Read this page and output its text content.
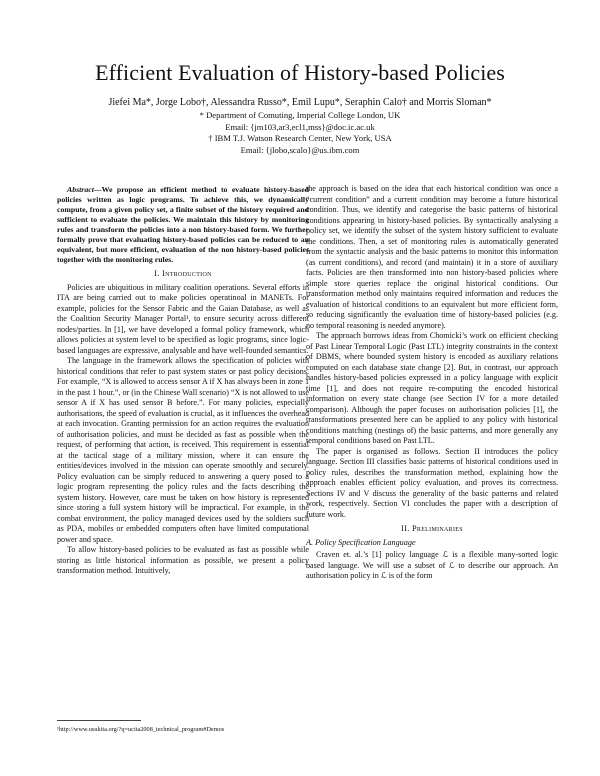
Efficient Evaluation of History-based Policies
Jiefei Ma*, Jorge Lobo†, Alessandra Russo*, Emil Lupu*, Seraphin Calo† and Morris Sloman*
* Department of Comuting, Imperial College London, UK
Email: {jm103,ar3,ecl1,mss}@doc.ic.ac.uk
† IBM T.J. Watson Research Center, New York, USA
Email: {jlobo,scalo}@us.ibm.com

Abstract—We propose an efficient method to evaluate history-based policies written as logic programs. To achieve this, we dynamically compute, from a given policy set, a finite subset of the history required and sufficient to evaluate the policies. We maintain this history by monitoring rules and transform the policies into a non history-based form. We further formally prove that evaluating history-based policies can be reduced to an equivalent, but more efficient, evaluation of the non history-based policies together with the monitoring rules.

I. Introduction

Policies are ubiquitious in military coalition operations. Several efforts in ITA are being carried out to make policies operatinoal in MANETs. For example, policies for the Sensor Fabric and the Gaian Database, as well as the Coalition Security Manager Portal¹, to ensure security across different nodes/parties. In [1], we have developed a formal policy framework, which allows policies at system level to be specified as logic programs, since logic-based languages are expressive, analysable and have well-founded semantics.

The language in the framework allows the specification of policies with historical conditions that refer to past system states or past policy decisions. For example, “X is allowed to access sensor A if X has always been in zone 1 in the past 1 hour.”, or (in the Chinese Wall scenario) “X is not allowed to use sensor A if X has used sensor B before.”. For many policies, especially authorisations, the speed of evaluation is crucial, as it influences the overhead at each invocation. Granting permission for an action requires the evaluation of authorisation policies, and must be decided as fast as possible when the request, of performing that action, is received. This requirement is essential at the tactical stage of a military mission, where it can ensure the entities/devices involved in the mission can operate smoothly and securely. Policy evaluation can be simply reduced to answering a query posed to a logic program representing the policy rules and the facts describing the system history. However, care must be taken on how history is represented since storing a full system history will be impractical. For example, in the combat environment, the policy managed devices used by the soldiers such as PDA, mobiles or embedded computers often have limited computational power and space.

To allow history-based policies to be evaluated as fast as possible while storing as little historical information as possible, we present a policy transformation method. Intuitively,

¹http://www.usukita.org/?q=ucita2008_technical_program#Demos

the approach is based on the idea that each historical condition was once a “current condition” and a current condition may become a future historical condition. Thus, we identify and categorise the basic patterns of historical conditions appearing in history-based policies. By syntactically analysing a policy set, we identify the subset of the system history sufficient to evaluate the conditions. Then, a set of monitoring rules is automatically generated from the syntactic analysis and the basic patterns to monitor this information (as current conditions), and record (and maintain) it in a store of auxiliary facts. Policies are then transformed into non history-based policies where simple store queries replace the original historical conditions. Our transformation method only maintains required information and reduces the evaluation of historical conditions to an equivalent but more efficient form, so reducing significantly the evaluation time of history-based policies (e.g. no temporal reasoning is needed anymore).

The approach borrows ideas from Chomicki’s work on efficient checking of Past Linear Temporal Logic (Past LTL) integrity constraints in the context of DBMS, where bounded system history is encoded as auxiliary relations computed on each database state change [2]. But, in contrast, our approach handles history-based policies expressed in a policy language with explicit time [1], and does not require re-computing the encoded historical information on every state change (see Section IV for a more detailed comparison). Although the paper focuses on authorisation policies [1], the transformations presented here can be applied to any policy with historical conditions matching (nestings of) the basic patterns, and more generally any temporal conditions based on Past LTL.

The paper is organised as follows. Section II introduces the policy language. Section III classifies basic patterns of historical conditions used in policy rules, describes the transformation method, explaining how the approach enables efficient policy evaluation, and proves its correctness. Sections IV and V discuss the generality of the basic patterns and related work, respectively. Section VI concludes the paper with a description of future work.

II. Preliminaries
A. Policy Specification Language

Craven et. al.’s [1] policy language ℒ is a flexible many-sorted logic based language. We will use a subset of ℒ to describe our approach. An authorisation policy in ℒ is of the form
